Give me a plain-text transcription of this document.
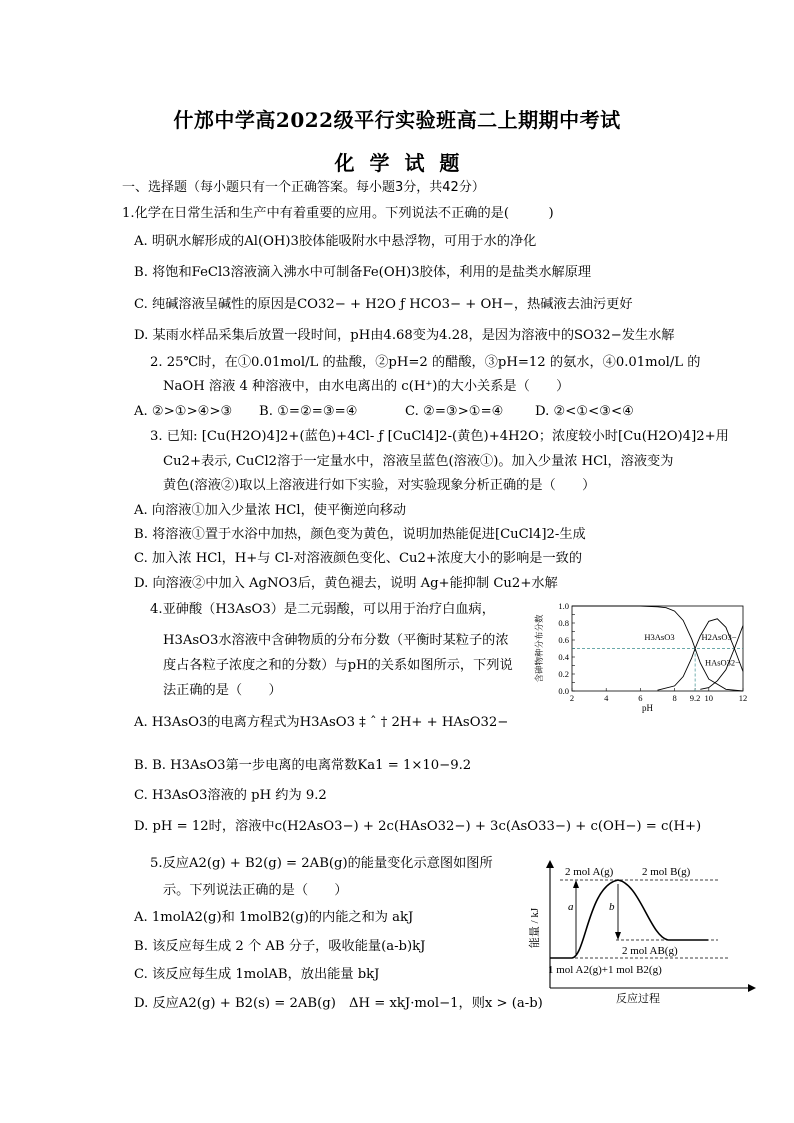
什邡中学高2022级平行实验班高二上期期中考试
化 学 试 题
一、选择题（每小题只有一个正确答案。每小题3分，共42分）
1.化学在日常生活和生产中有着重要的应用。下列说法不正确的是(　　　)
A. 明矾水解形成的Al(OH)3胶体能吸附水中悬浮物，可用于水的净化
B. 将饱和FeCl3溶液滴入沸水中可制备Fe(OH)3胶体，利用的是盐类水解原理
C. 纯碱溶液呈碱性的原因是CO32− + H2O ƒ HCO3− + OH−，热碱液去油污更好
D. 某雨水样品采集后放置一段时间，pH由4.68变为4.28，是因为溶液中的SO32−发生水解
2. 25℃时，在①0.01mol/L 的盐酸，②pH=2 的醋酸，③pH=12 的氨水，④0.01mol/L 的
NaOH 溶液 4 种溶液中，由水电离出的 c(H⁺)的大小关系是（　　）
A. ②>①>④>③ B. ①=②=③=④	C. ②=③>①=④ D. ②<①<③<④
3. 已知: [Cu(H2O)4]2+(蓝色)+4Cl- ƒ [CuCl4]2-(黄色)+4H2O；浓度较小时[Cu(H2O)4]2+用
Cu2+表示, CuCl2溶于一定量水中，溶液呈蓝色(溶液①)。加入少量浓 HCl，溶液变为
黄色(溶液②)取以上溶液进行如下实验，对实验现象分析正确的是（　　）
A. 向溶液①加入少量浓 HCl，使平衡逆向移动
B. 将溶液①置于水浴中加热，颜色变为黄色，说明加热能促进[CuCl4]2-生成
C. 加入浓 HCl，H+与 Cl-对溶液颜色变化、Cu2+浓度大小的影响是一致的
D. 向溶液②中加入 AgNO3后，黄色褪去，说明 Ag+能抑制 Cu2+水解
4.亚砷酸（H3AsO3）是二元弱酸，可以用于治疗白血病，
H3AsO3水溶液中含砷物质的分布分数（平衡时某粒子的浓
度占各粒子浓度之和的分数）与pH的关系如图所示，下列说
法正确的是（　　）
A. H3AsO3的电离方程式为H3AsO3 ‡ ˆ † 2H+ + HAsO32−
B. B. H3AsO3第一步电离的电离常数Ka1 = 1×10−9.2
C. H3AsO3溶液的 pH 约为 9.2
D. pH = 12时，溶液中c(H2AsO3−) + 2c(HAsO32−) + 3c(AsO33−) + c(OH−) = c(H+)
5.反应A2(g) + B2(g) = 2AB(g)的能量变化示意图如图所
示。下列说法正确的是（　　）
A. 1molA2(g)和 1molB2(g)的内能之和为 akJ
B. 该反应每生成 2 个 AB 分子，吸收能量(a-b)kJ
C. 该反应每生成 1molAB，放出能量 bkJ
D. 反应A2(g) + B2(s) = 2AB(g)　ΔH = xkJ·mol−1，则x > (a-b)
0.0
0.2
0.4
0.6
0.8
1.0
2	4	6	8 9.2 10	12
H3AsO3	H2AsO3−
HAsO32−
pH
含砷物种分布分数
a	b
2 mol A(g)	2 mol B(g)
2 mol AB(g)
1 mol A2(g)+1 mol B2(g)
反应过程
能量 / kJ
